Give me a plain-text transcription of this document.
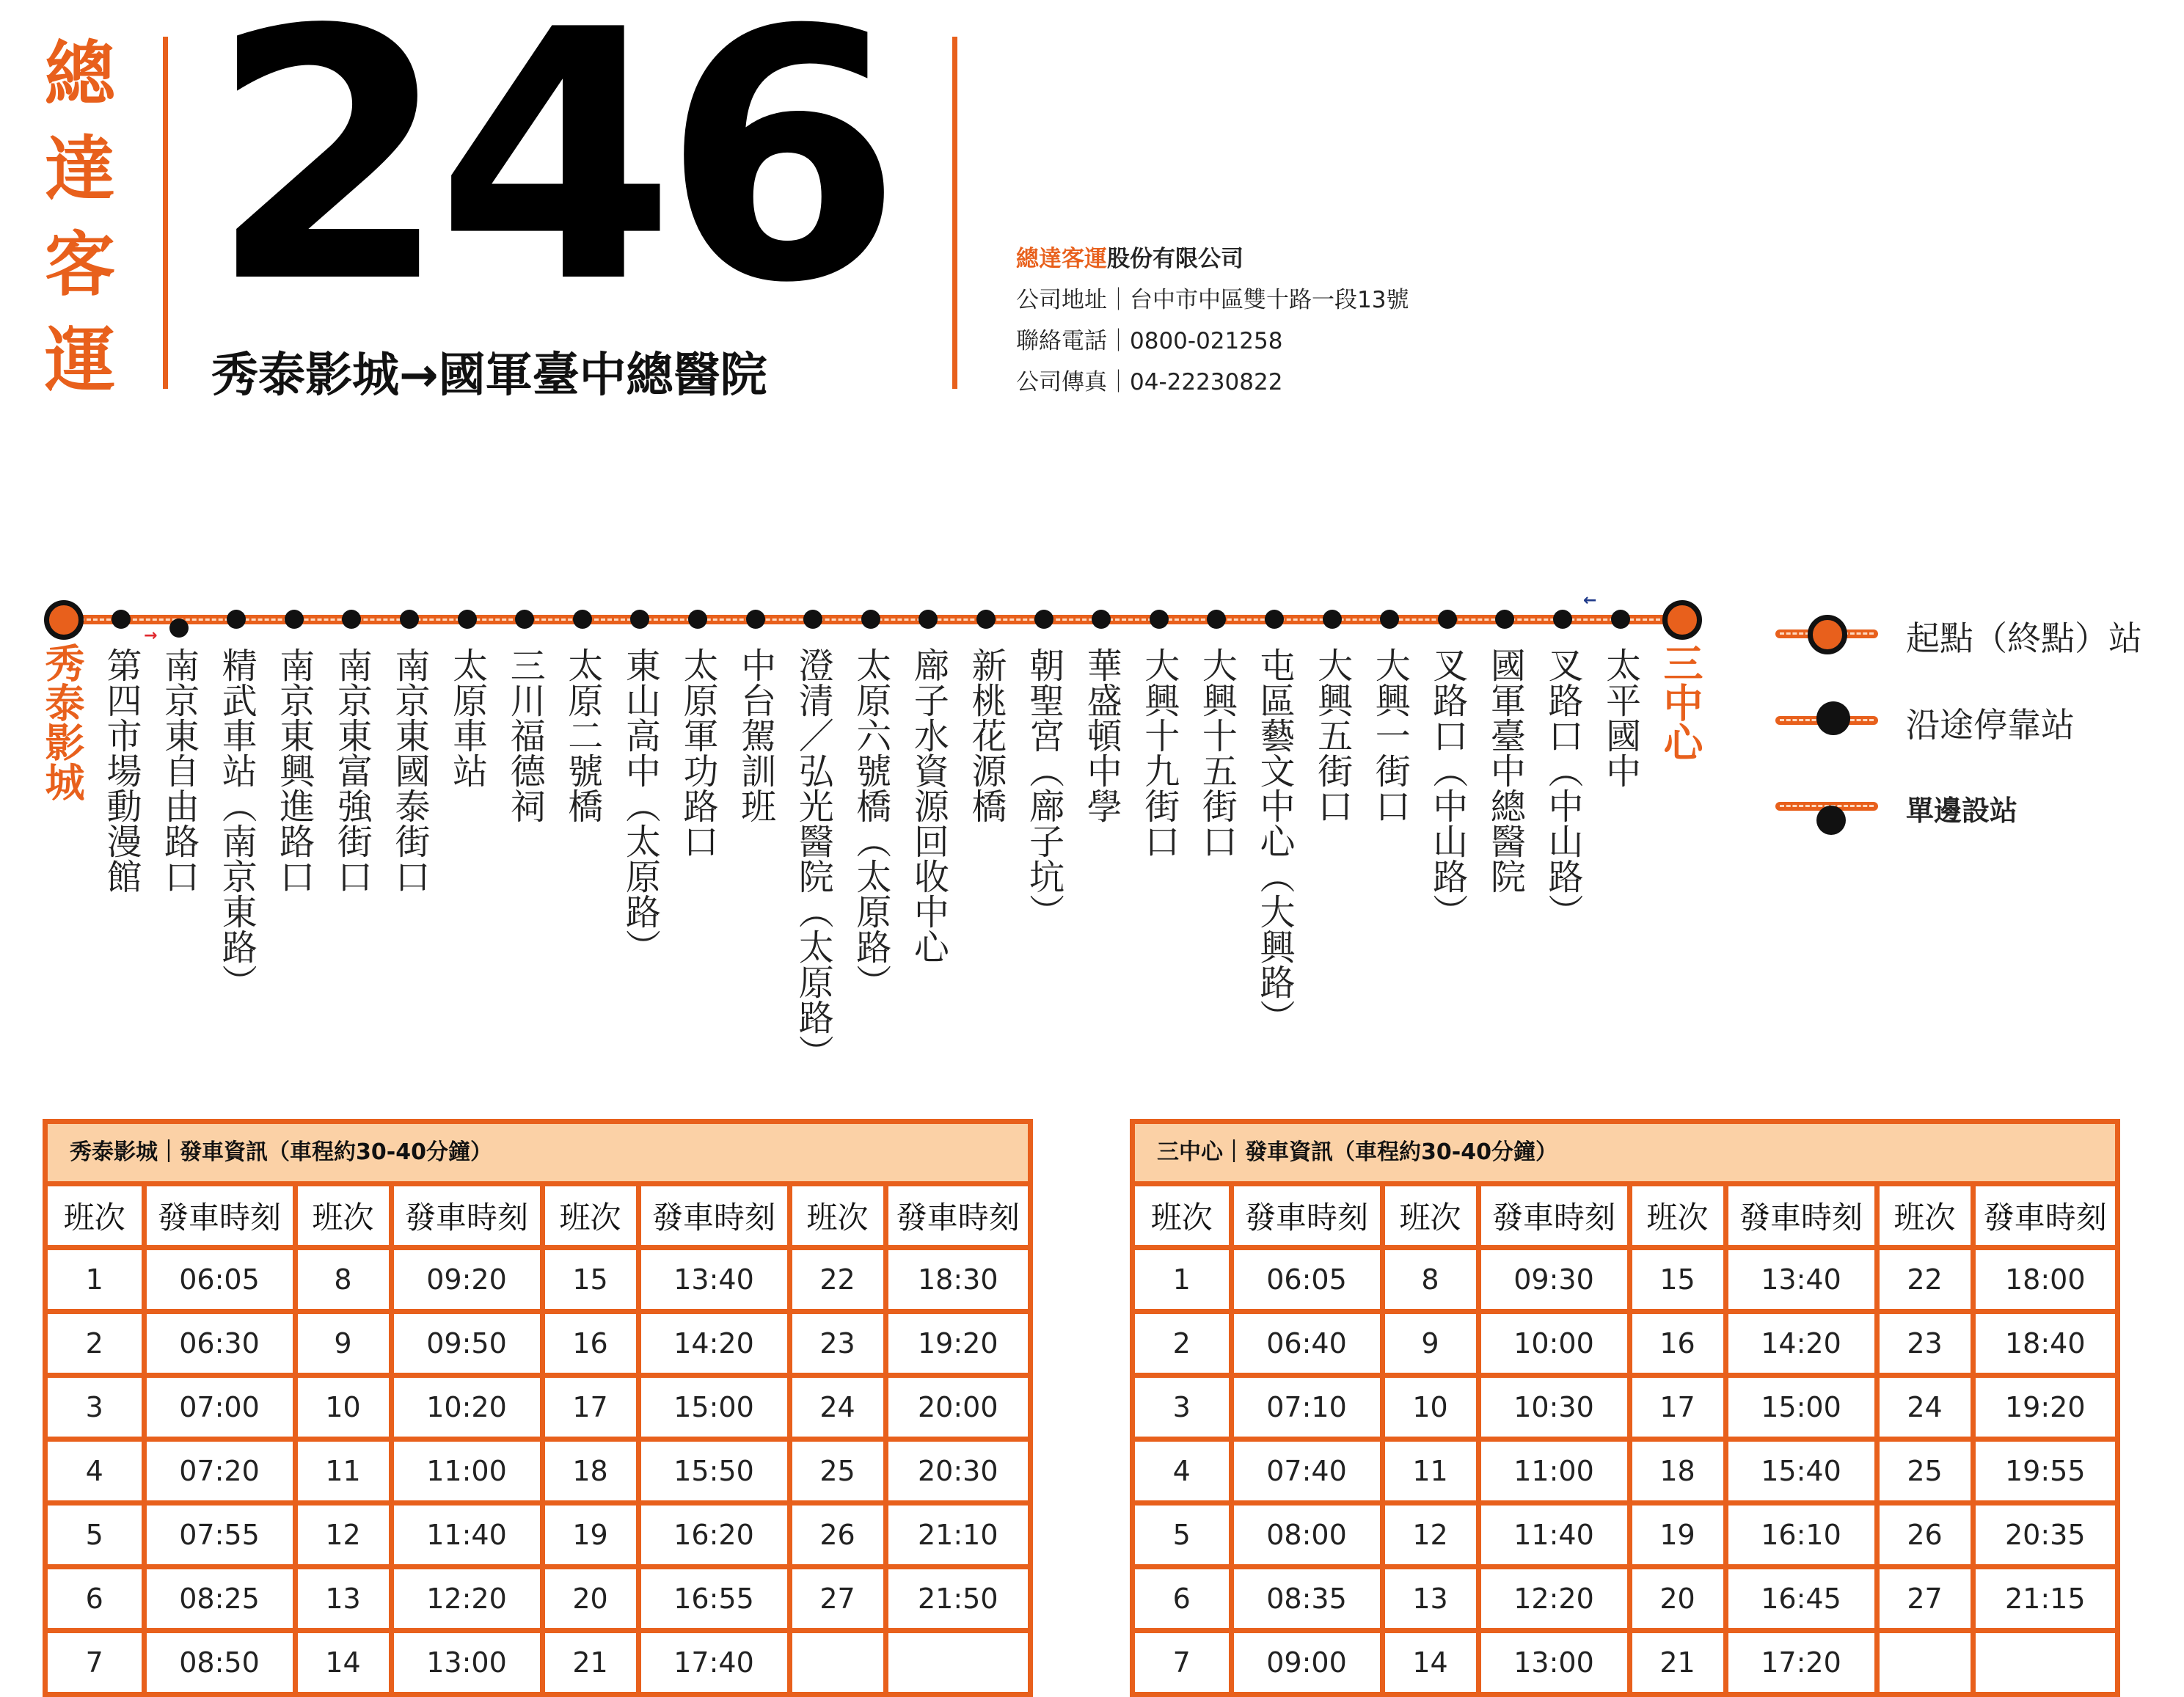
總達客運
246
秀泰影城→國軍臺中總醫院
總達客運股份有限公司
公司地址｜台中市中區雙十路一段13號
聯絡電話｜0800-021258
公司傳真｜04-22230822
秀泰影城	三中心
第四市場動漫館 南京東自由路口 精武車站（南京東路） 南京東興進路口 南京東富強街口 南京東國泰街口 太原車站 三川福德祠 太原二號橋 東山高中（太原路） 太原軍功路口 中台駕訓班 澄清／弘光醫院（太原路） 太原六號橋（太原路） 廍子水資源回收中心 新桃花源橋 朝聖宮（廍子坑） 華盛頓中學 大興十九街口 大興十五街口 屯區藝文中心（大興路） 大興五街口 大興一街口 叉路口（中山路） 國軍臺中總醫院 叉路口（中山路） 太平國中
→
←
起點（終點）站
沿途停靠站
單邊設站
秀泰影城｜發車資訊（車程約30-40分鐘）
班次	發車時刻	班次	發車時刻	班次	發車時刻	班次	發車時刻
1	06:05	8	09:20	15	13:40	22	18:30
2	06:30	9	09:50	16	14:20	23	19:20
3	07:00	10	10:20	17	15:00	24	20:00
4	07:20	11	11:00	18	15:50	25	20:30
5	07:55	12	11:40	19	16:20	26	21:10
6	08:25	13	12:20	20	16:55	27	21:50
7	08:50	14	13:00	21	17:40		
三中心｜發車資訊（車程約30-40分鐘）
班次	發車時刻	班次	發車時刻	班次	發車時刻	班次	發車時刻
1	06:05	8	09:30	15	13:40	22	18:00
2	06:40	9	10:00	16	14:20	23	18:40
3	07:10	10	10:30	17	15:00	24	19:20
4	07:40	11	11:00	18	15:40	25	19:55
5	08:00	12	11:40	19	16:10	26	20:35
6	08:35	13	12:20	20	16:45	27	21:15
7	09:00	14	13:00	21	17:20		
